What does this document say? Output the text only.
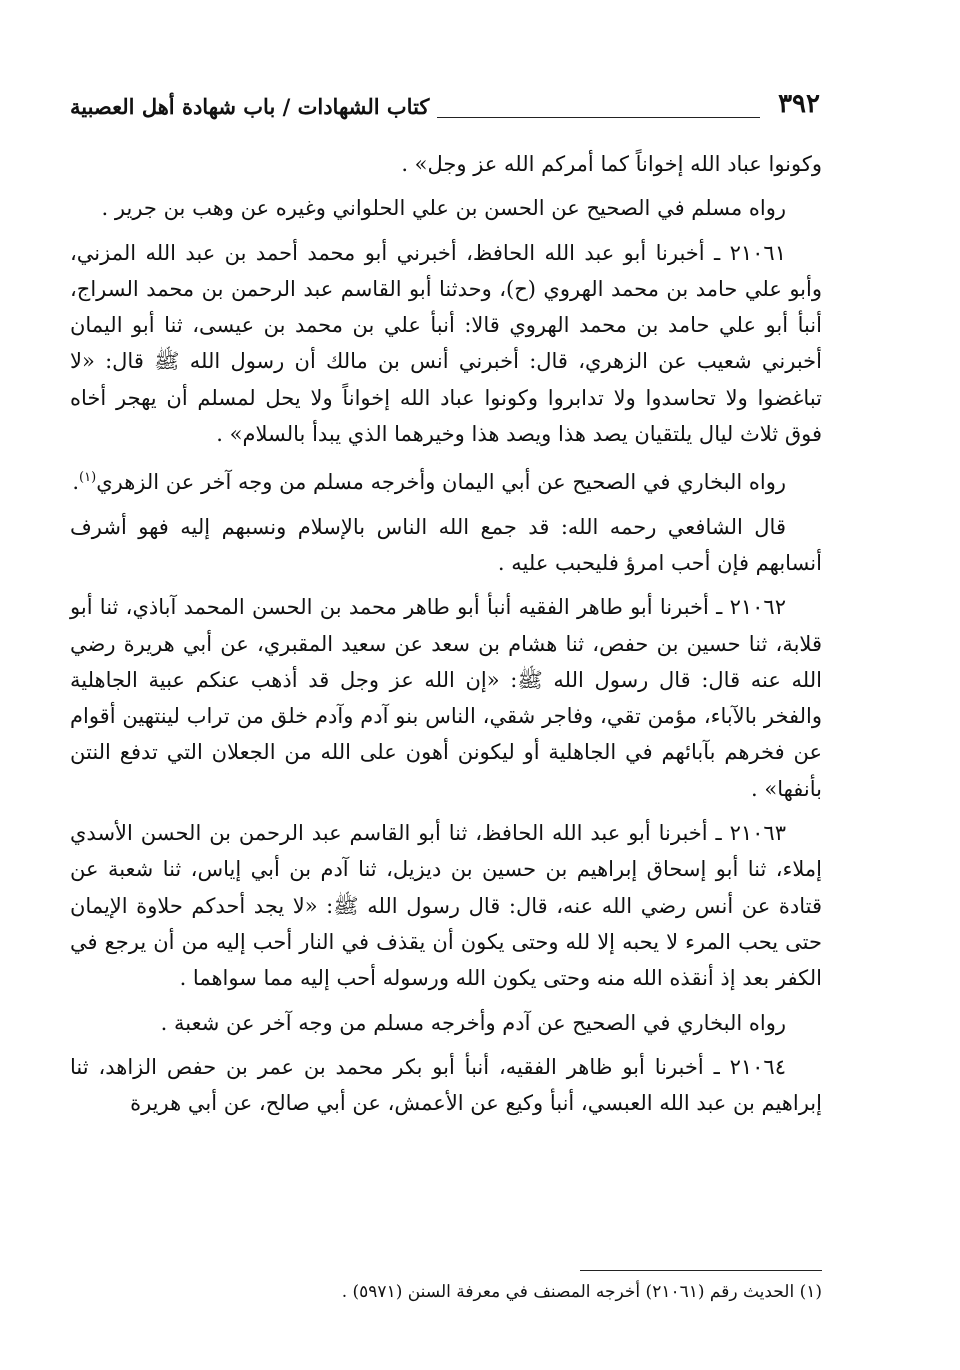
٣٩٢
كتاب الشهادات / باب شهادة أهل العصبية

وكونوا عباد الله إخواناً كما أمركم الله عز وجل» .

رواه مسلم في الصحيح عن الحسن بن علي الحلواني وغيره عن وهب بن جرير .

٢١٠٦١ ـ أخبرنا أبو عبد الله الحافظ، أخبرني أبو محمد أحمد بن عبد الله المزني، وأبو علي حامد بن محمد الهروي (ح)، وحدثنا أبو القاسم عبد الرحمن بن محمد السراج، أنبأ أبو علي حامد بن محمد الهروي قالا: أنبأ علي بن محمد بن عيسى، ثنا أبو اليمان أخبرني شعيب عن الزهري، قال: أخبرني أنس بن مالك أن رسول الله ﷺ قال: «لا تباغضوا ولا تحاسدوا ولا تدابروا وكونوا عباد الله إخواناً ولا يحل لمسلم أن يهجر أخاه فوق ثلاث ليال يلتقيان يصد هذا ويصد هذا وخيرهما الذي يبدأ بالسلام» .

رواه البخاري في الصحيح عن أبي اليمان وأخرجه مسلم من وجه آخر عن الزهري$^{(١)}$.

قال الشافعي رحمه الله: قد جمع الله الناس بالإسلام ونسبهم إليه فهو أشرف أنسابهم فإن أحب امرؤ فليحبب عليه .

٢١٠٦٢ ـ أخبرنا أبو طاهر الفقيه أنبأ أبو طاهر محمد بن الحسن المحمد آباذي، ثنا أبو قلابة، ثنا حسين بن حفص، ثنا هشام بن سعد عن سعيد المقبري، عن أبي هريرة رضي الله عنه قال: قال رسول الله ﷺ: «إن الله عز وجل قد أذهب عنكم عبية الجاهلية والفخر بالآباء، مؤمن تقي، وفاجر شقي، الناس بنو آدم وآدم خلق من تراب لينتهين أقوام عن فخرهم بآبائهم في الجاهلية أو ليكونن أهون على الله من الجعلان التي تدفع النتن بأنفها» .

٢١٠٦٣ ـ أخبرنا أبو عبد الله الحافظ، ثنا أبو القاسم عبد الرحمن بن الحسن الأسدي إملاء، ثنا أبو إسحاق إبراهيم بن حسين بن ديزيل، ثنا آدم بن أبي إياس، ثنا شعبة عن قتادة عن أنس رضي الله عنه، قال: قال رسول الله ﷺ: «لا يجد أحدكم حلاوة الإيمان حتى يحب المرء لا يحبه إلا لله وحتى يكون أن يقذف في النار أحب إليه من أن يرجع في الكفر بعد إذ أنقذه الله منه وحتى يكون الله ورسوله أحب إليه مما سواهما .

رواه البخاري في الصحيح عن آدم وأخرجه مسلم من وجه آخر عن شعبة .

٢١٠٦٤ ـ أخبرنا أبو ظاهر الفقيه، أنبأ أبو بكر محمد بن عمر بن حفص الزاهد، ثنا إبراهيم بن عبد الله العبسي، أنبأ وكيع عن الأعمش، عن أبي صالح، عن أبي هريرة

(١) الحديث رقم (٢١٠٦١) أخرجه المصنف في معرفة السنن (٥٩٧١) .
